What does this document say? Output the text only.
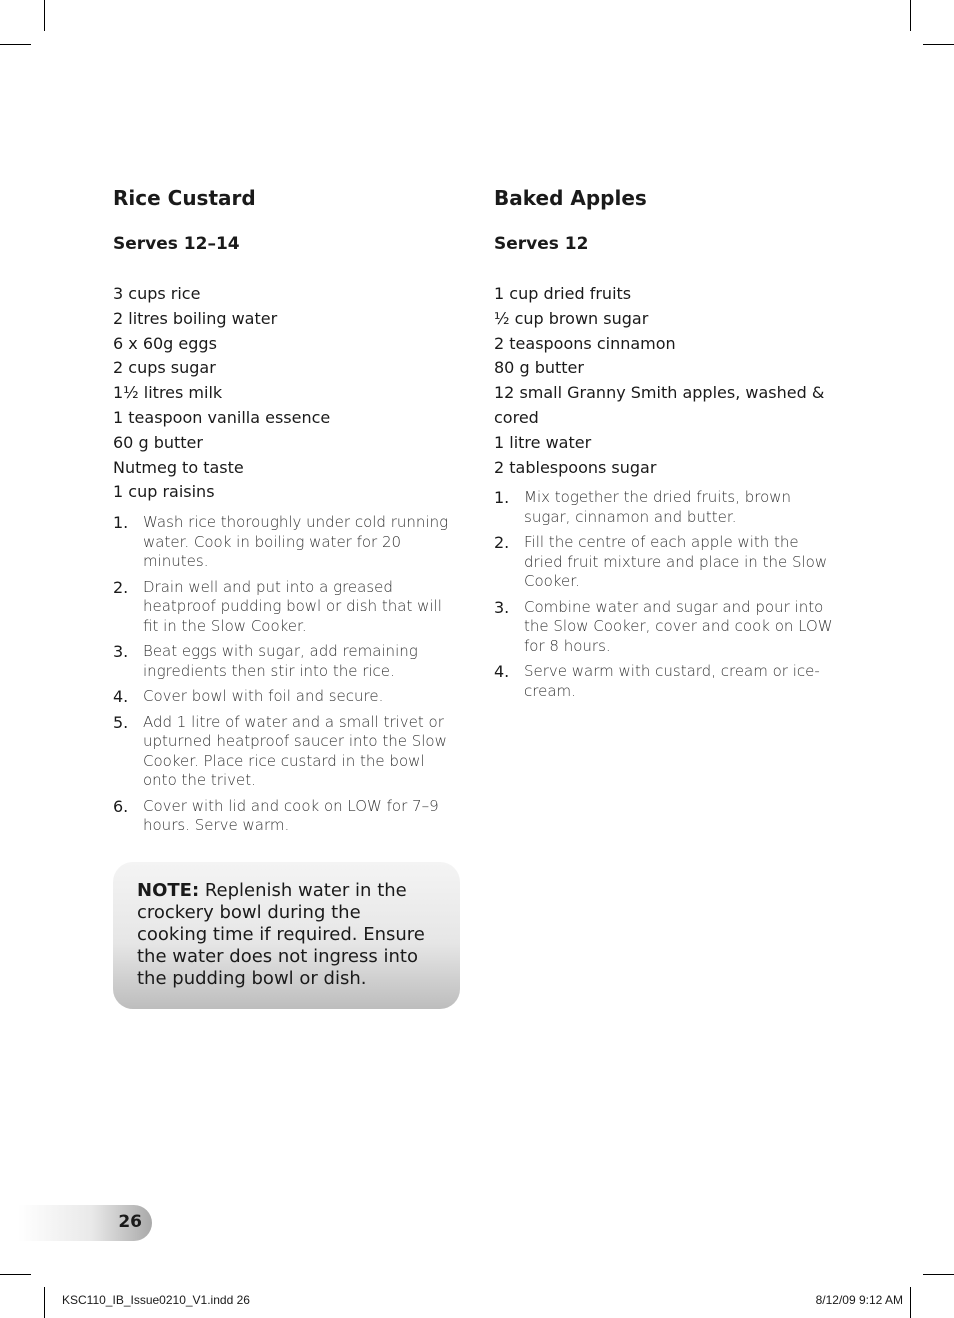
Rice Custard
Serves 12–14
3 cups rice
2 litres boiling water
6 x 60g eggs
2 cups sugar
1½ litres milk
1 teaspoon vanilla essence
60 g butter
Nutmeg to taste
1 cup raisins
1. Wash rice thoroughly under cold running water. Cook in boiling water for 20 minutes.
2. Drain well and put into a greased heatproof pudding bowl or dish that will fit in the Slow Cooker.
3. Beat eggs with sugar, add remaining ingredients then stir into the rice.
4. Cover bowl with foil and secure.
5. Add 1 litre of water and a small trivet or upturned heatproof saucer into the Slow Cooker. Place rice custard in the bowl onto the trivet.
6. Cover with lid and cook on LOW for 7–9 hours. Serve warm.
Baked Apples
Serves 12
1 cup dried fruits
½ cup brown sugar
2 teaspoons cinnamon
80 g butter
12 small Granny Smith apples, washed & cored
1 litre water
2 tablespoons sugar
1. Mix together the dried fruits, brown sugar, cinnamon and butter.
2. Fill the centre of each apple with the dried fruit mixture and place in the Slow Cooker.
3. Combine water and sugar and pour into the Slow Cooker, cover and cook on LOW for 8 hours.
4. Serve warm with custard, cream or ice-cream.
NOTE: Replenish water in the crockery bowl during the cooking time if required. Ensure the water does not ingress into the pudding bowl or dish.
26
KSC110_IB_Issue0210_V1.indd 26	8/12/09 9:12 AM
